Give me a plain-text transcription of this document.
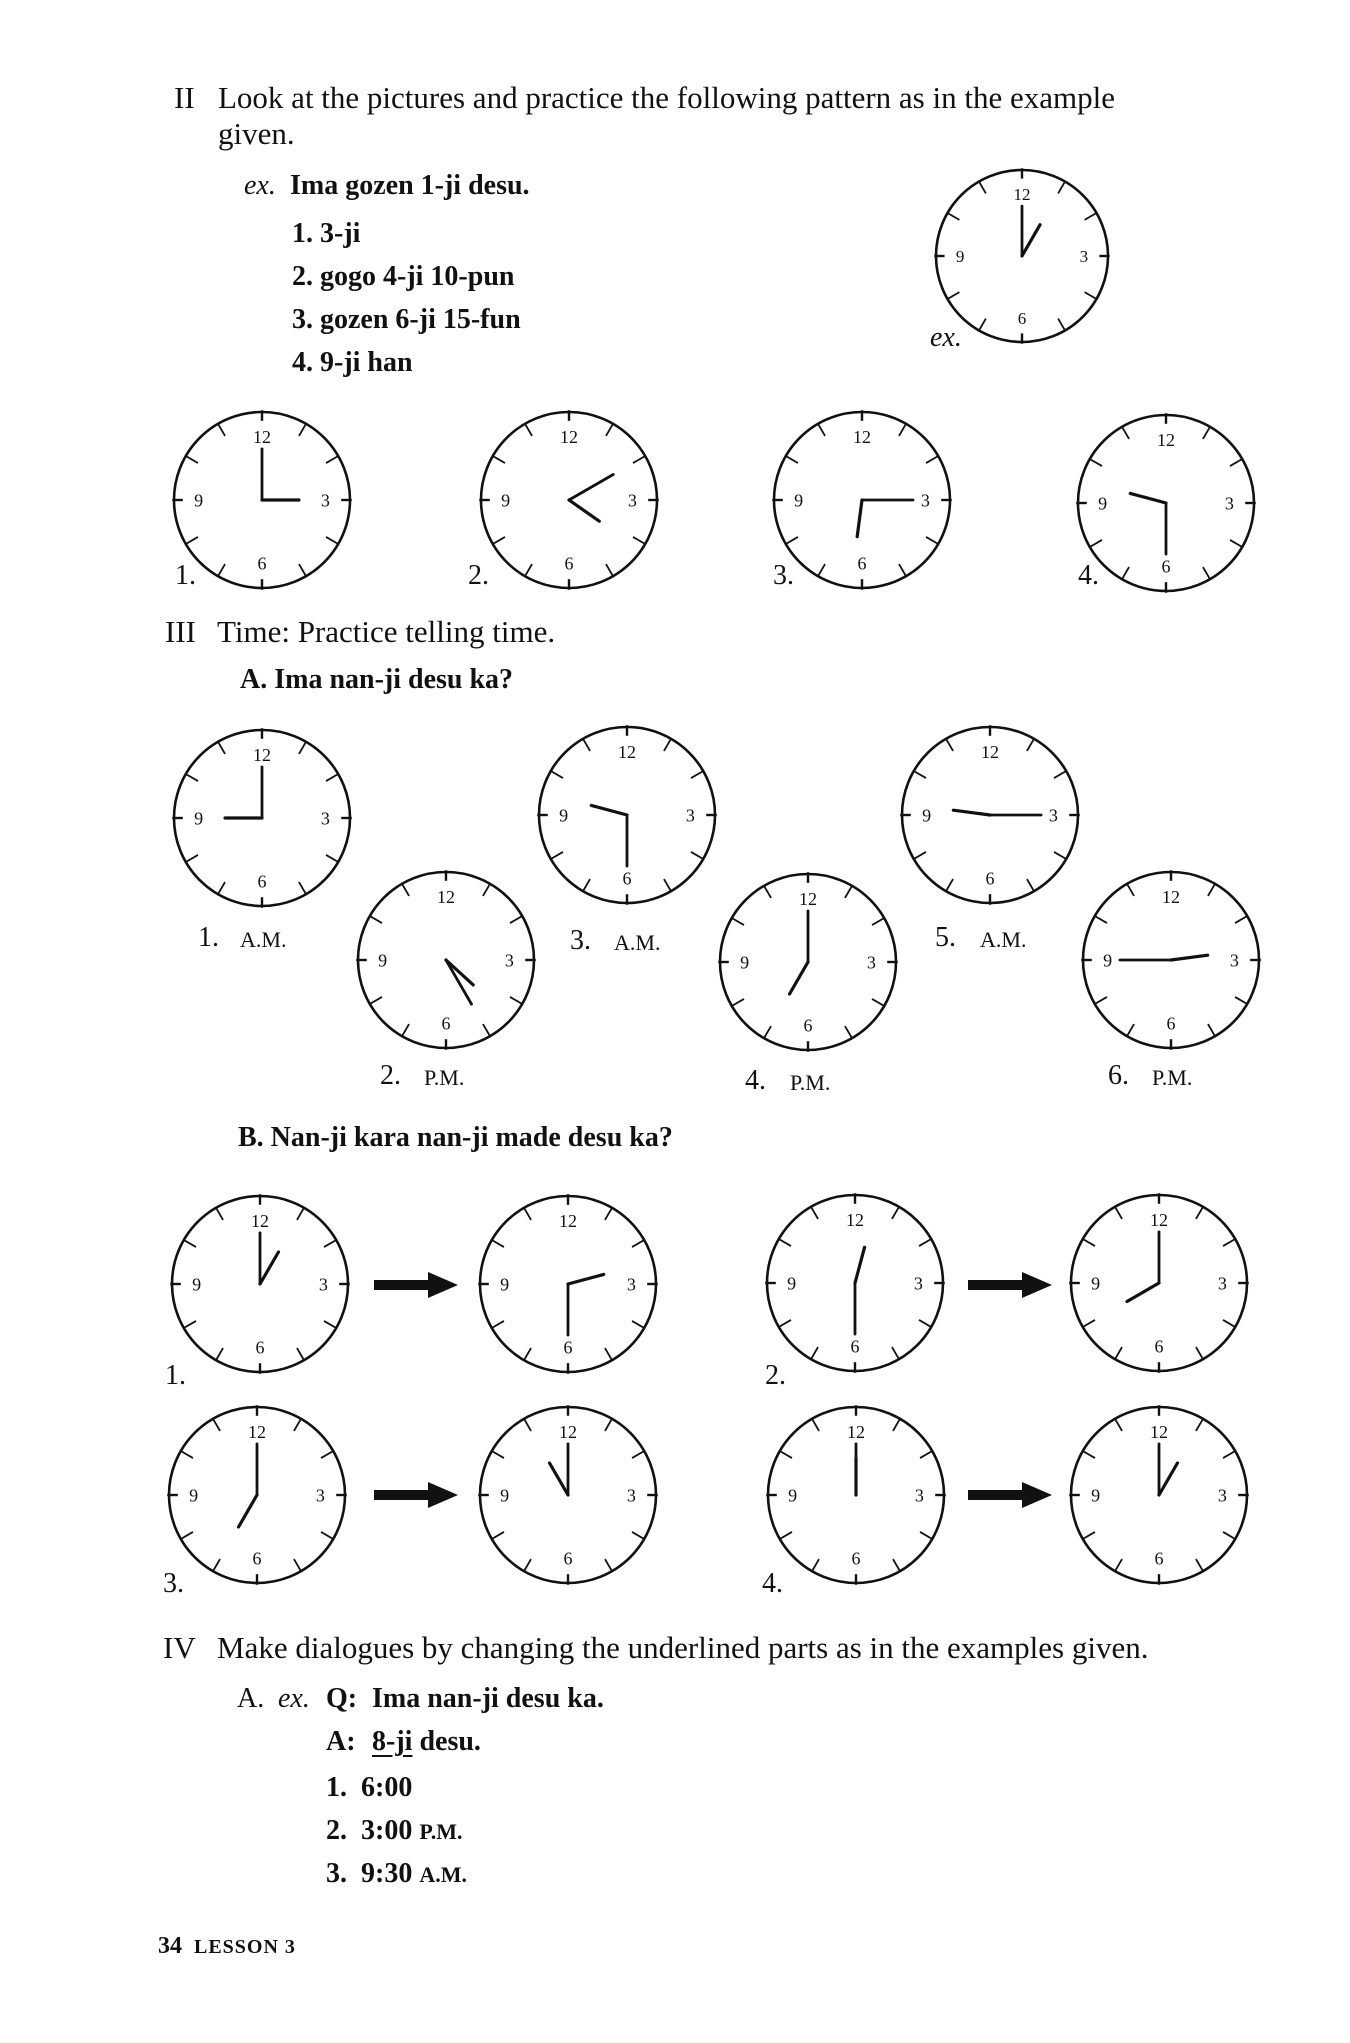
II Look at the pictures and practice the following pattern as in the example
given.
ex. Ima gozen 1-ji desu.
1. 3-ji
2. gogo 4-ji 10-pun
3. gozen 6-ji 15-fun
4. 9-ji han
ex.
1.	2.	3.	4.
III Time: Practice telling time.
A. Ima nan-ji desu ka?
1. A.M.
2. P.M.
3. A.M.
4. P.M.
5. A.M.
6. P.M.
B. Nan-ji kara nan-ji made desu ka?
1.	2.
3.	4.
IV Make dialogues by changing the underlined parts as in the examples given.
A. ex. Q: Ima nan-ji desu ka.
A: 8-ji desu.
1. 6:00
2. 3:00 P.M.
3. 9:30 A.M.
34 LESSON 3
12
3
6
9
12
3
6
9
12
3
6
9
12
3
6
9
12
3
6
9
12
3
6
9
12
3
6
9
12
3
6
9
12
3
6
9
12
3
6
9
12
3
6
9
12
3
6
9
12
3
6
9
12
3
6
9
12
3
6
9
12
3
6
9
12
3
6
9
12
3
6
9
12
3
6
9
